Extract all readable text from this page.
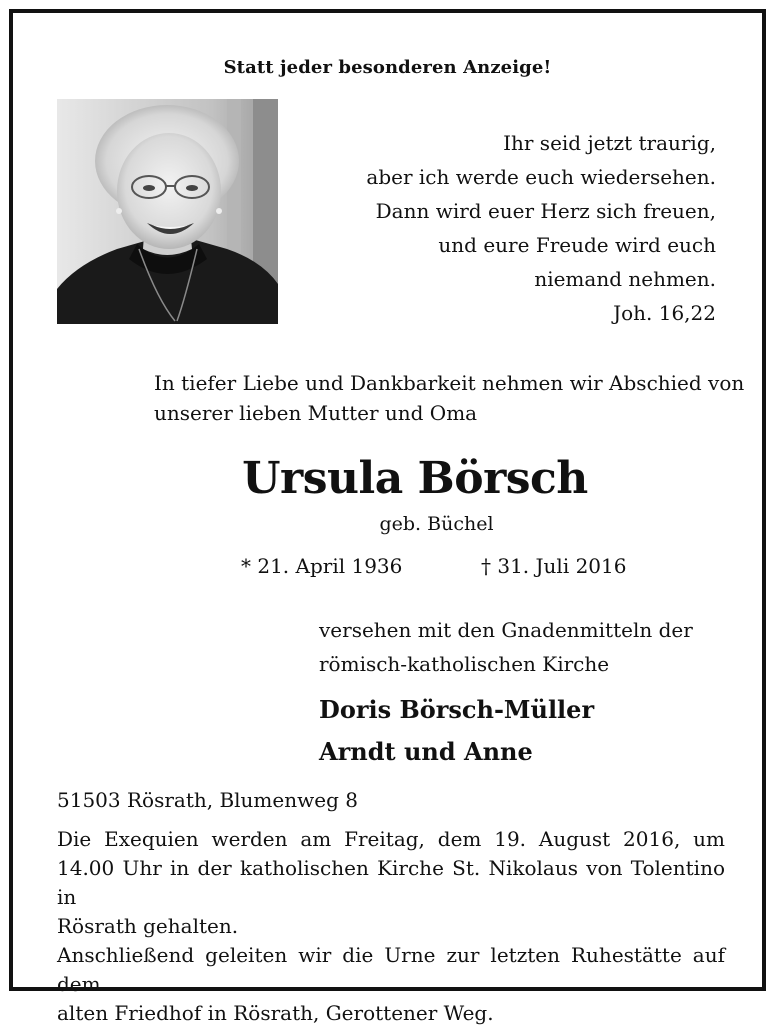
Statt jeder besonderen Anzeige!
Ihr seid jetzt traurig,
aber ich werde euch wiedersehen.
Dann wird euer Herz sich freuen,
und eure Freude wird euch
niemand nehmen.
Joh. 16,22
In tiefer Liebe und Dankbarkeit nehmen wir Abschied von
unserer lieben Mutter und Oma
Ursula Börsch
geb. Büchel
* 21. April 1936	† 31. Juli 2016
versehen mit den Gnadenmitteln der
römisch-katholischen Kirche
Doris Börsch-Müller
Arndt und Anne
51503 Rösrath, Blumenweg 8

Die Exequien werden am Freitag, dem 19. August 2016, um
14.00 Uhr in der katholischen Kirche St. Nikolaus von Tolentino in
Rösrath gehalten.

Anschließend geleiten wir die Urne zur letzten Ruhestätte auf dem
alten Friedhof in Rösrath, Gerottener Weg.
